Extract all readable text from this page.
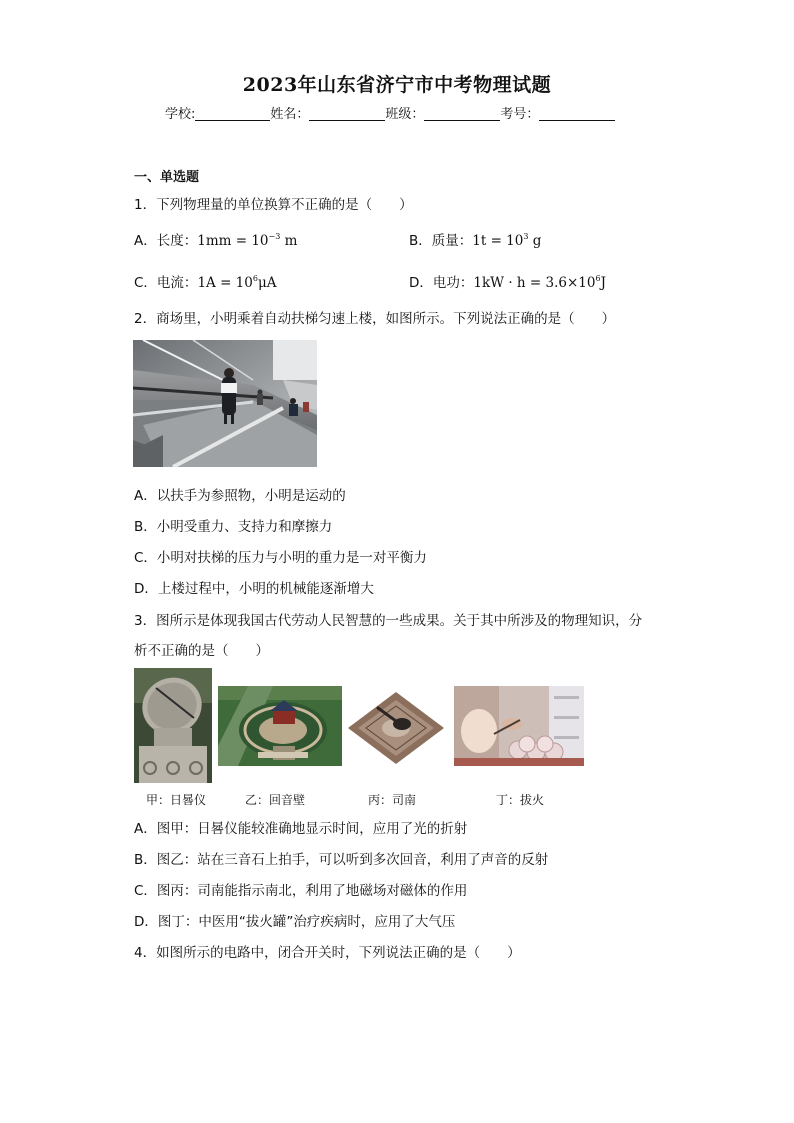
2023年山东省济宁市中考物理试题
学校:	姓名：	班级：	考号：
一、单选题
1．下列物理量的单位换算不正确的是（　　）
A．长度：$1mm = 10^{-3}$ m	B．质量：$1t = 10^3$ g
C．电流：$1A = 10^6\mu A$	D．电功：$1kW \cdot h = 3.6\times 10^6J$
2．商场里，小明乘着自动扶梯匀速上楼，如图所示。下列说法正确的是（　　）
A．以扶手为参照物，小明是运动的
B．小明受重力、支持力和摩擦力
C．小明对扶梯的压力与小明的重力是一对平衡力
D．上楼过程中，小明的机械能逐渐增大
3．图所示是体现我国古代劳动人民智慧的一些成果。关于其中所涉及的物理知识，分
析不正确的是（　　）
甲：日晷仪	乙：回音壁	丙：司南	丁：拔火
A．图甲：日晷仪能较准确地显示时间，应用了光的折射
B．图乙：站在三音石上拍手，可以听到多次回音，利用了声音的反射
C．图丙：司南能指示南北，利用了地磁场对磁体的作用
D．图丁：中医用“拔火罐”治疗疾病时，应用了大气压
4．如图所示的电路中，闭合开关时，下列说法正确的是（　　）
